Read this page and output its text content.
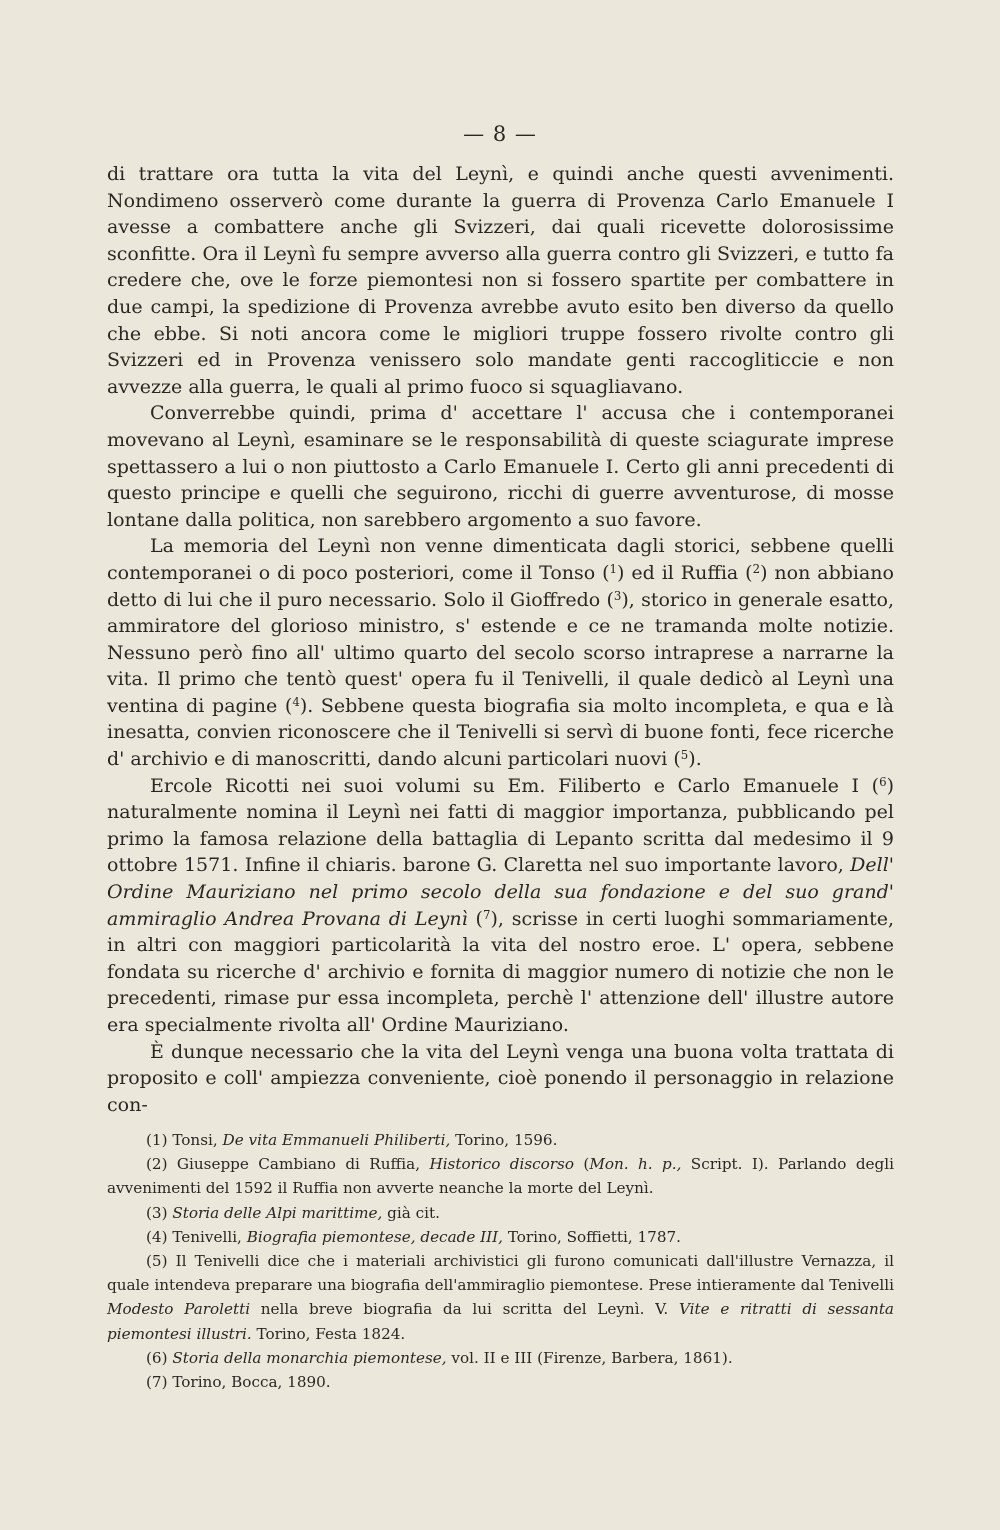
— 8 —

di trattare ora tutta la vita del Leynì, e quindi anche questi avvenimenti. Nondimeno osserverò come durante la guerra di Provenza Carlo Emanuele I avesse a combattere anche gli Svizzeri, dai quali ricevette dolorosissime sconfitte. Ora il Leynì fu sempre avverso alla guerra contro gli Svizzeri, e tutto fa credere che, ove le forze piemontesi non si fossero spartite per combattere in due campi, la spedizione di Provenza avrebbe avuto esito ben diverso da quello che ebbe. Si noti ancora come le migliori truppe fossero rivolte contro gli Svizzeri ed in Provenza venissero solo mandate genti raccogliticcie e non avvezze alla guerra, le quali al primo fuoco si squagliavano.

Converrebbe quindi, prima d' accettare l' accusa che i contemporanei movevano al Leynì, esaminare se le responsabilità di queste sciagurate imprese spettassero a lui o non piuttosto a Carlo Emanuele I. Certo gli anni precedenti di questo principe e quelli che seguirono, ricchi di guerre avventurose, di mosse lontane dalla politica, non sarebbero argomento a suo favore.

La memoria del Leynì non venne dimenticata dagli storici, sebbene quelli contemporanei o di poco posteriori, come il Tonso ($^1$) ed il Ruffia ($^2$) non abbiano detto di lui che il puro necessario. Solo il Gioffredo ($^3$), storico in generale esatto, ammiratore del glorioso ministro, s' estende e ce ne tramanda molte notizie. Nessuno però fino all' ultimo quarto del secolo scorso intraprese a narrarne la vita. Il primo che tentò quest' opera fu il Tenivelli, il quale dedicò al Leynì una ventina di pagine ($^4$). Sebbene questa biografia sia molto incompleta, e qua e là inesatta, convien riconoscere che il Tenivelli si servì di buone fonti, fece ricerche d' archivio e di manoscritti, dando alcuni particolari nuovi ($^5$).

Ercole Ricotti nei suoi volumi su Em. Filiberto e Carlo Emanuele I ($^6$) naturalmente nomina il Leynì nei fatti di maggior importanza, pubblicando pel primo la famosa relazione della battaglia di Lepanto scritta dal medesimo il 9 ottobre 1571. Infine il chiaris. barone G. Claretta nel suo importante lavoro, Dell' Ordine Mauriziano nel primo secolo della sua fondazione e del suo grand' ammiraglio Andrea Provana di Leynì ($^7$), scrisse in certi luoghi sommariamente, in altri con maggiori particolarità la vita del nostro eroe. L' opera, sebbene fondata su ricerche d' archivio e fornita di maggior numero di notizie che non le precedenti, rimase pur essa incompleta, perchè l' attenzione dell' illustre autore era specialmente rivolta all' Ordine Mauriziano.

È dunque necessario che la vita del Leynì venga una buona volta trattata di proposito e coll' ampiezza conveniente, cioè ponendo il personaggio in relazione con-

(1) Tonsi, De vita Emmanueli Philiberti, Torino, 1596.

(2) Giuseppe Cambiano di Ruffia, Historico discorso (Mon. h. p., Script. I). Parlando degli avvenimenti del 1592 il Ruffia non avverte neanche la morte del Leynì.

(3) Storia delle Alpi marittime, già cit.

(4) Tenivelli, Biografia piemontese, decade III, Torino, Soffietti, 1787.

(5) Il Tenivelli dice che i materiali archivistici gli furono comunicati dall'illustre Vernazza, il quale intendeva preparare una biografia dell'ammiraglio piemontese. Prese intieramente dal Tenivelli Modesto Paroletti nella breve biografia da lui scritta del Leynì. V. Vite e ritratti di sessanta piemontesi illustri. Torino, Festa 1824.

(6) Storia della monarchia piemontese, vol. II e III (Firenze, Barbera, 1861).

(7) Torino, Bocca, 1890.
